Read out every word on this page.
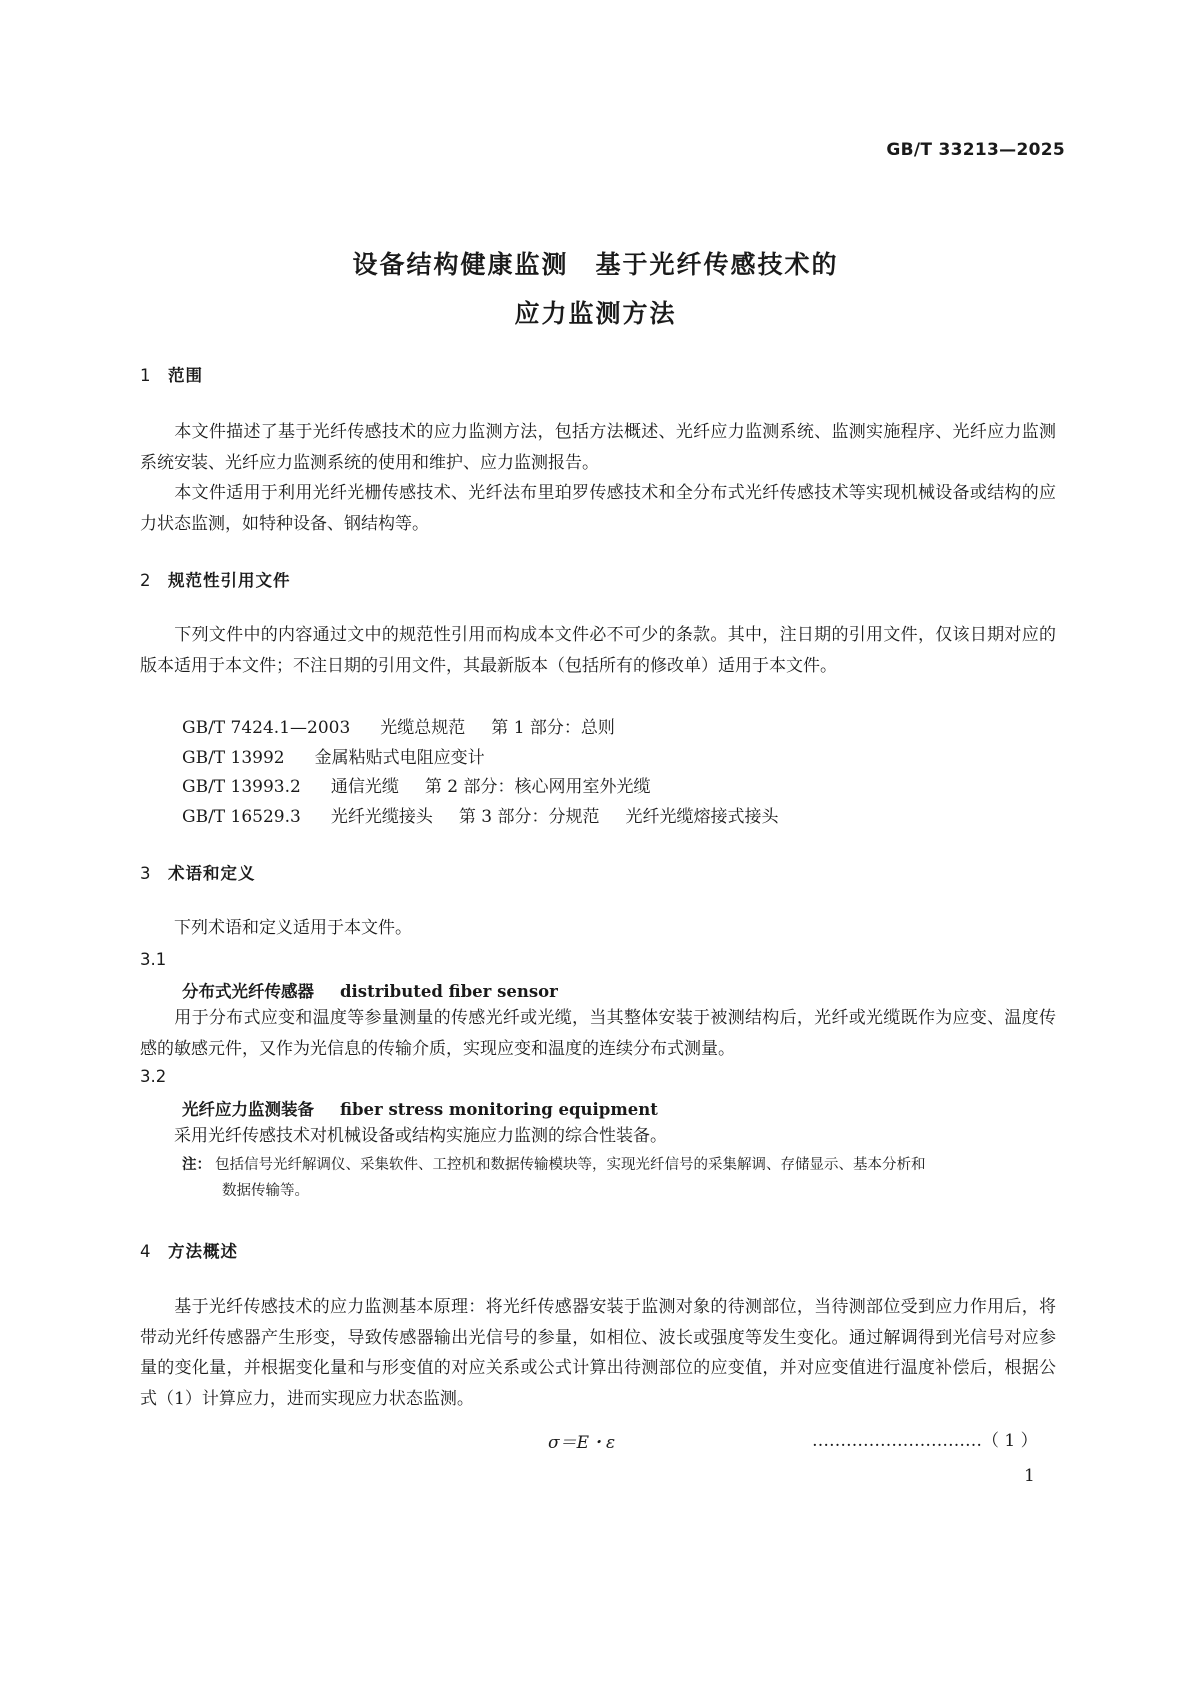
GB/T 33213—2025
设备结构健康监测　基于光纤传感技术的
应力监测方法
1 范围
本文件描述了基于光纤传感技术的应力监测方法，包括方法概述、光纤应力监测系统、监测实施程序、光纤应力监测系统安装、光纤应力监测系统的使用和维护、应力监测报告。
本文件适用于利用光纤光栅传感技术、光纤法布里珀罗传感技术和全分布式光纤传感技术等实现机械设备或结构的应力状态监测，如特种设备、钢结构等。
2 规范性引用文件
下列文件中的内容通过文中的规范性引用而构成本文件必不可少的条款。其中，注日期的引用文件，仅该日期对应的版本适用于本文件；不注日期的引用文件，其最新版本（包括所有的修改单）适用于本文件。
GB/T 7424.1—2003 光缆总规范 第 1 部分：总则
GB/T 13992 金属粘贴式电阻应变计
GB/T 13993.2 通信光缆 第 2 部分：核心网用室外光缆
GB/T 16529.3 光纤光缆接头 第 3 部分：分规范 光纤光缆熔接式接头
3 术语和定义
下列术语和定义适用于本文件。
3.1
分布式光纤传感器 distributed fiber sensor
用于分布式应变和温度等参量测量的传感光纤或光缆，当其整体安装于被测结构后，光纤或光缆既作为应变、温度传感的敏感元件，又作为光信息的传输介质，实现应变和温度的连续分布式测量。
3.2
光纤应力监测装备 fiber stress monitoring equipment
采用光纤传感技术对机械设备或结构实施应力监测的综合性装备。
注： 包括信号光纤解调仪、采集软件、工控机和数据传输模块等，实现光纤信号的采集解调、存储显示、基本分析和
数据传输等。
4 方法概述
基于光纤传感技术的应力监测基本原理：将光纤传感器安装于监测对象的待测部位，当待测部位受到应力作用后，将带动光纤传感器产生形变，导致传感器输出光信号的参量，如相位、波长或强度等发生变化。通过解调得到光信号对应参量的变化量，并根据变化量和与形变值的对应关系或公式计算出待测部位的应变值，并对应变值进行温度补偿后，根据公式（1）计算应力，进而实现应力状态监测。
σ＝E・ε	…………………………（ 1 ）
1
